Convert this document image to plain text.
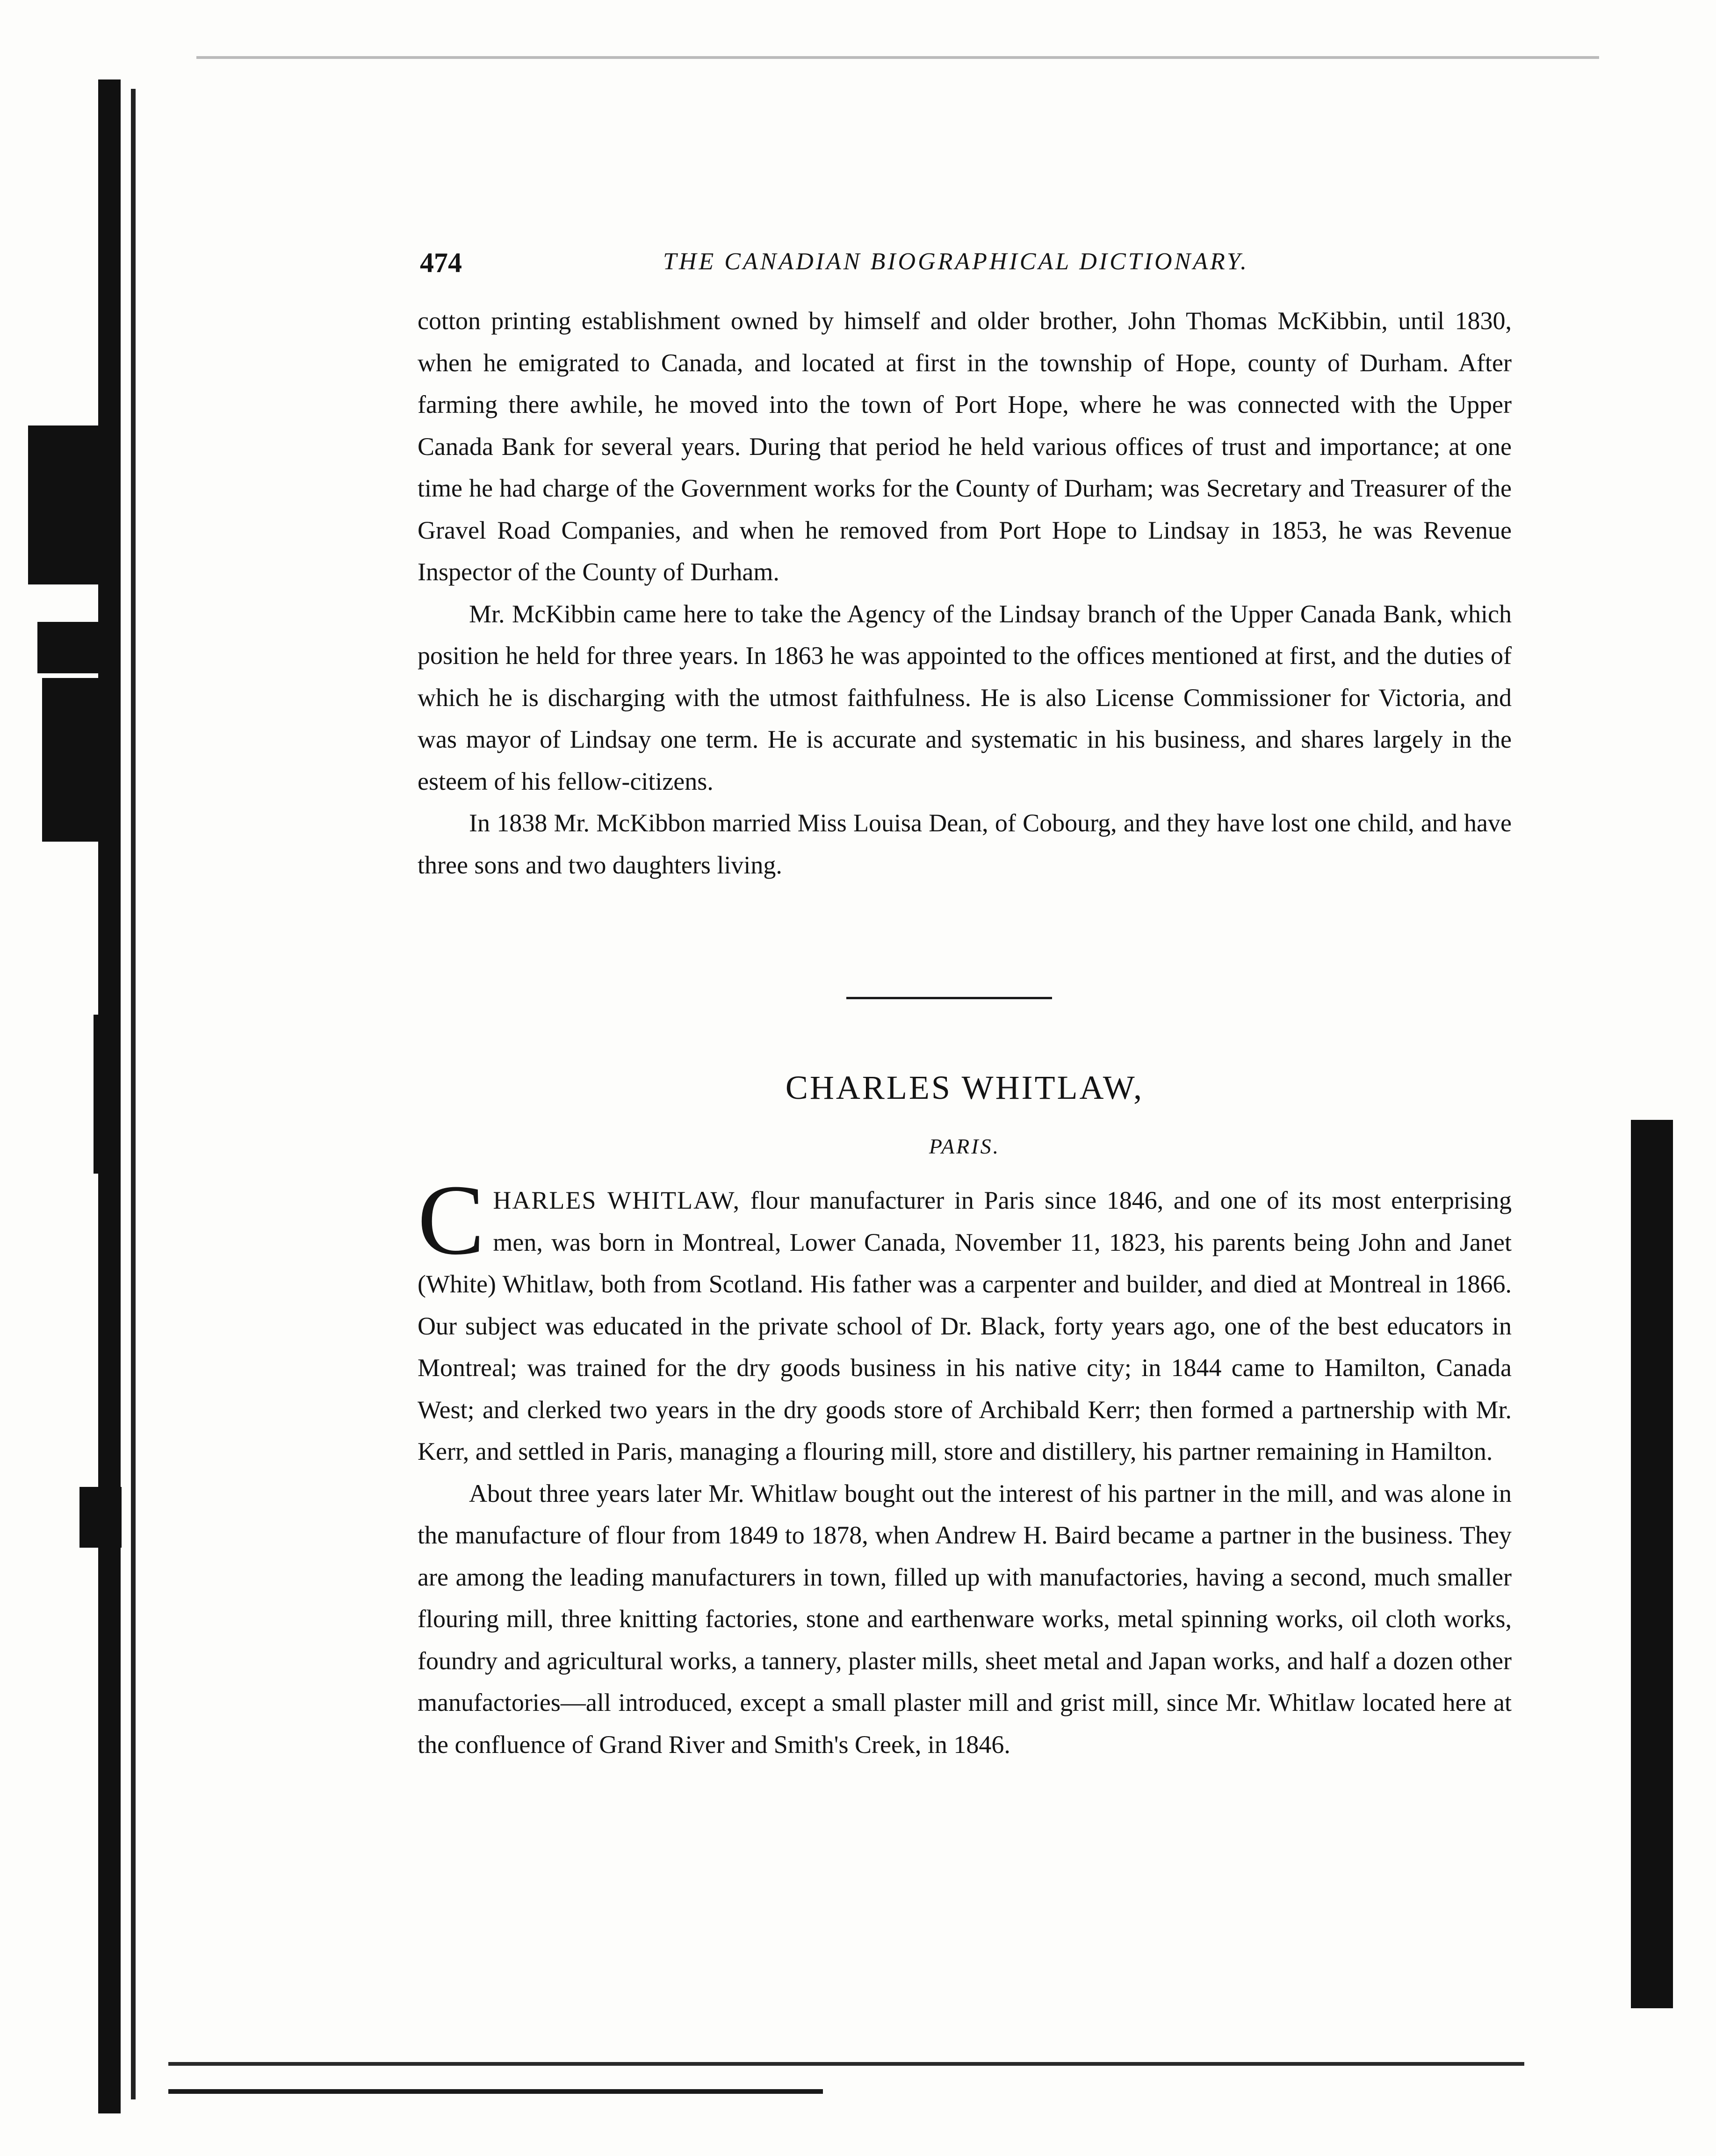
474	THE CANADIAN BIOGRAPHICAL DICTIONARY.

cotton printing establishment owned by himself and older brother, John Thomas McKibbin, until 1830, when he emigrated to Canada, and located at first in the township of Hope, county of Durham. After farming there awhile, he moved into the town of Port Hope, where he was connected with the Upper Canada Bank for several years. During that period he held various offices of trust and importance; at one time he had charge of the Government works for the County of Durham; was Secretary and Treasurer of the Gravel Road Companies, and when he removed from Port Hope to Lindsay in 1853, he was Revenue Inspector of the County of Durham.

Mr. McKibbin came here to take the Agency of the Lindsay branch of the Upper Canada Bank, which position he held for three years. In 1863 he was appointed to the offices mentioned at first, and the duties of which he is discharging with the utmost faithfulness. He is also License Commissioner for Victoria, and was mayor of Lindsay one term. He is accurate and systematic in his business, and shares largely in the esteem of his fellow-citizens.

In 1838 Mr. McKibbon married Miss Louisa Dean, of Cobourg, and they have lost one child, and have three sons and two daughters living.

CHARLES WHITLAW,
PARIS.

CHARLES WHITLAW, flour manufacturer in Paris since 1846, and one of its most enterprising men, was born in Montreal, Lower Canada, November 11, 1823, his parents being John and Janet (White) Whitlaw, both from Scotland. His father was a carpenter and builder, and died at Montreal in 1866. Our subject was educated in the private school of Dr. Black, forty years ago, one of the best educators in Montreal; was trained for the dry goods business in his native city; in 1844 came to Hamilton, Canada West; and clerked two years in the dry goods store of Archibald Kerr; then formed a partnership with Mr. Kerr, and settled in Paris, managing a flouring mill, store and distillery, his partner remaining in Hamilton.

About three years later Mr. Whitlaw bought out the interest of his partner in the mill, and was alone in the manufacture of flour from 1849 to 1878, when Andrew H. Baird became a partner in the business. They are among the leading manufacturers in town, filled up with manufactories, having a second, much smaller flouring mill, three knitting factories, stone and earthenware works, metal spinning works, oil cloth works, foundry and agricultural works, a tannery, plaster mills, sheet metal and Japan works, and half a dozen other manufactories—all introduced, except a small plaster mill and grist mill, since Mr. Whitlaw located here at the confluence of Grand River and Smith's Creek, in 1846.
